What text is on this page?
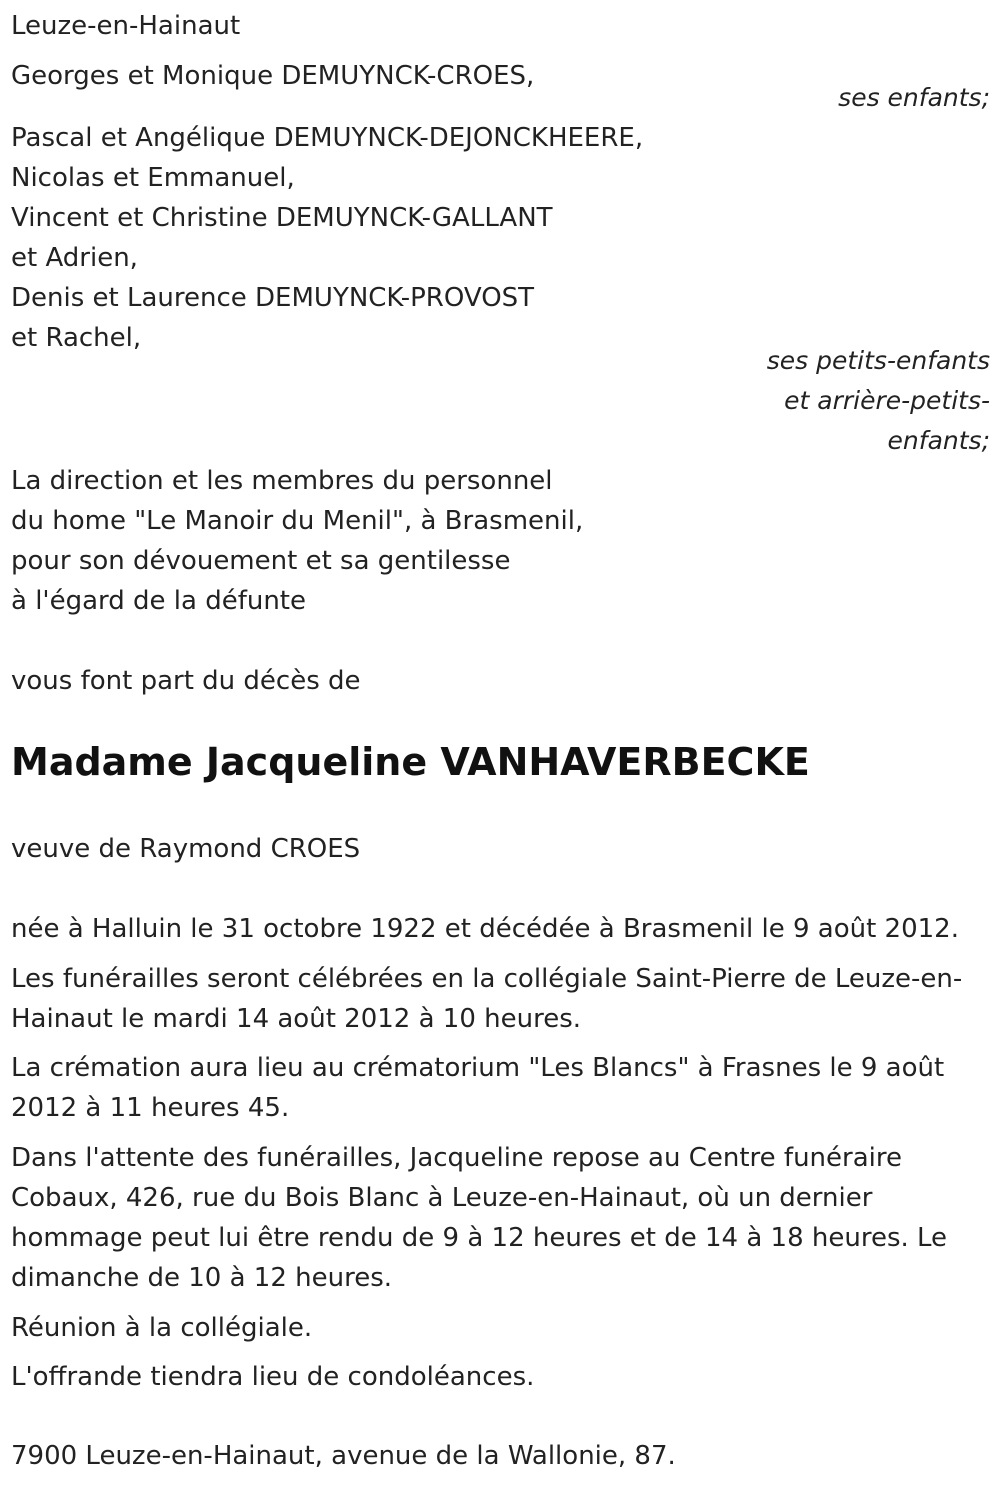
Leuze-en-Hainaut
Georges et Monique DEMUYNCK-CROES,
ses enfants;
Pascal et Angélique DEMUYNCK-DEJONCKHEERE,
Nicolas et Emmanuel,
Vincent et Christine DEMUYNCK-GALLANT
et Adrien,
Denis et Laurence DEMUYNCK-PROVOST
et Rachel,
ses petits-enfants
et arrière-petits-
enfants;
La direction et les membres du personnel
du home "Le Manoir du Menil", à Brasmenil,
pour son dévouement et sa gentilesse
à l'égard de la défunte
vous font part du décès de
Madame Jacqueline VANHAVERBECKE
veuve de Raymond CROES
née à Halluin le 31 octobre 1922 et décédée à Brasmenil le 9 août 2012.
Les funérailles seront célébrées en la collégiale Saint-Pierre de Leuze-en-Hainaut le mardi 14 août 2012 à 10 heures.
La crémation aura lieu au crématorium "Les Blancs" à Frasnes le 9 août 2012 à 11 heures 45.
Dans l'attente des funérailles, Jacqueline repose au Centre funéraire Cobaux, 426, rue du Bois Blanc à Leuze-en-Hainaut, où un dernier hommage peut lui être rendu de 9 à 12 heures et de 14 à 18 heures. Le dimanche de 10 à 12 heures.
Réunion à la collégiale.
L'offrande tiendra lieu de condoléances.
7900 Leuze-en-Hainaut, avenue de la Wallonie, 87.
